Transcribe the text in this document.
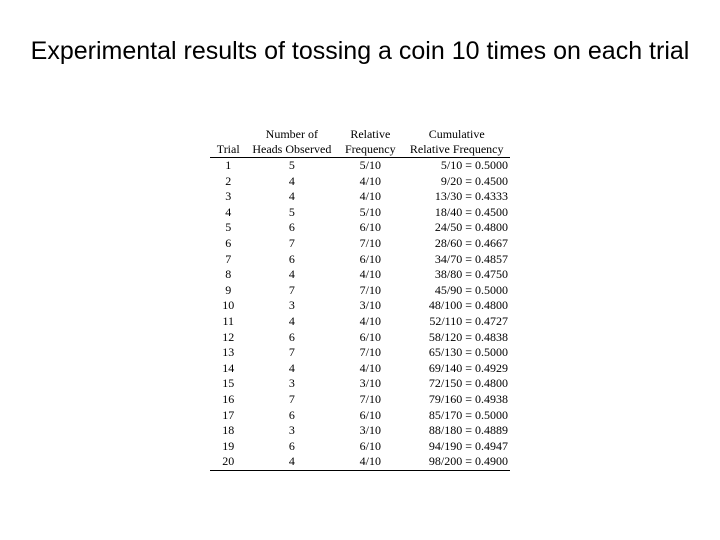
Experimental results of tossing a coin 10 times on each trial
	Number of	Relative	Cumulative
Trial	Heads Observed	Frequency	Relative Frequency
1	5	5/10	5/10 = 0.5000
2	4	4/10	9/20 = 0.4500
3	4	4/10	13/30 = 0.4333
4	5	5/10	18/40 = 0.4500
5	6	6/10	24/50 = 0.4800
6	7	7/10	28/60 = 0.4667
7	6	6/10	34/70 = 0.4857
8	4	4/10	38/80 = 0.4750
9	7	7/10	45/90 = 0.5000
10	3	3/10	48/100 = 0.4800
11	4	4/10	52/110 = 0.4727
12	6	6/10	58/120 = 0.4838
13	7	7/10	65/130 = 0.5000
14	4	4/10	69/140 = 0.4929
15	3	3/10	72/150 = 0.4800
16	7	7/10	79/160 = 0.4938
17	6	6/10	85/170 = 0.5000
18	3	3/10	88/180 = 0.4889
19	6	6/10	94/190 = 0.4947
20	4	4/10	98/200 = 0.4900
